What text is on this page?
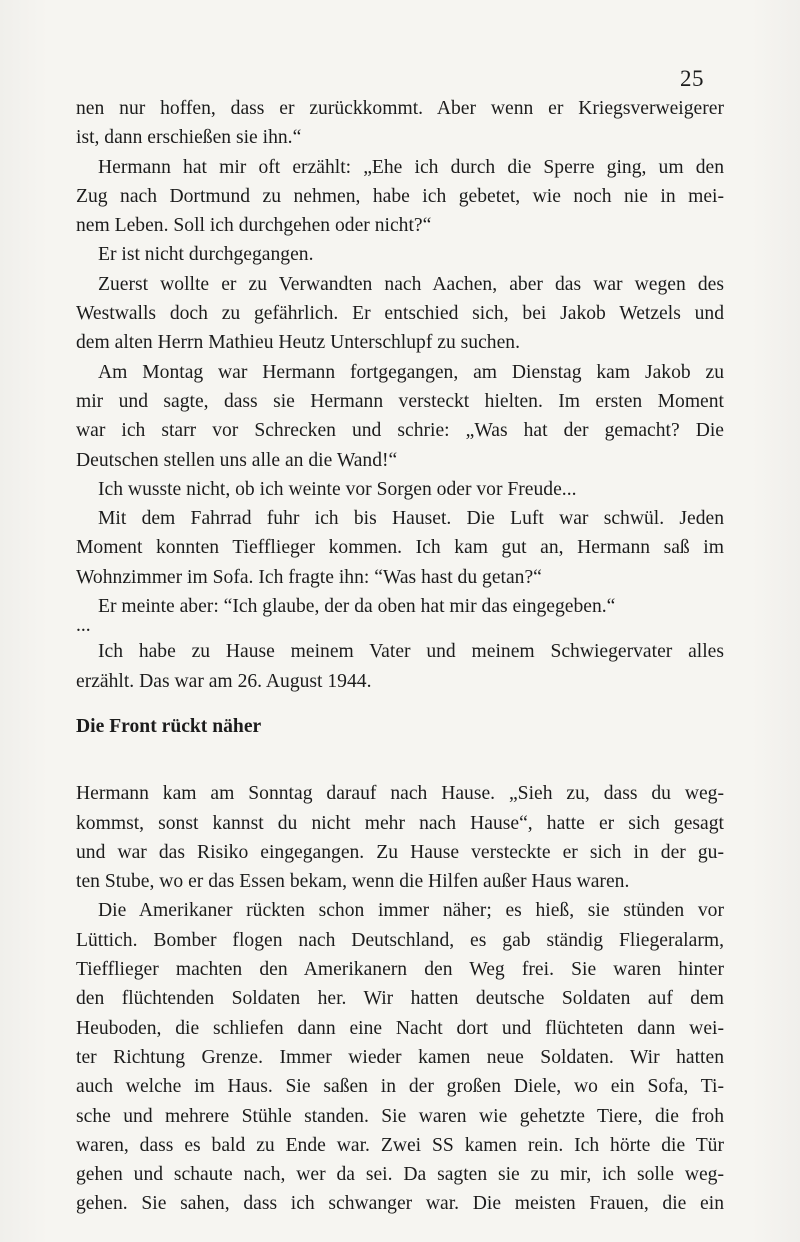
25
nen nur hoffen, dass er zurückkommt. Aber wenn er Kriegsverweigerer
ist, dann erschießen sie ihn.“
Hermann hat mir oft erzählt: „Ehe ich durch die Sperre ging, um den
Zug nach Dortmund zu nehmen, habe ich gebetet, wie noch nie in mei-
nem Leben. Soll ich durchgehen oder nicht?“
Er ist nicht durchgegangen.
Zuerst wollte er zu Verwandten nach Aachen, aber das war wegen des
Westwalls doch zu gefährlich. Er entschied sich, bei Jakob Wetzels und
dem alten Herrn Mathieu Heutz Unterschlupf zu suchen.
Am Montag war Hermann fortgegangen, am Dienstag kam Jakob zu
mir und sagte, dass sie Hermann versteckt hielten. Im ersten Moment
war ich starr vor Schrecken und schrie: „Was hat der gemacht? Die
Deutschen stellen uns alle an die Wand!“
Ich wusste nicht, ob ich weinte vor Sorgen oder vor Freude...
Mit dem Fahrrad fuhr ich bis Hauset. Die Luft war schwül. Jeden
Moment konnten Tiefflieger kommen. Ich kam gut an, Hermann saß im
Wohnzimmer im Sofa. Ich fragte ihn: “Was hast du getan?“
Er meinte aber: “Ich glaube, der da oben hat mir das eingegeben.“
...
Ich habe zu Hause meinem Vater und meinem Schwiegervater alles
erzählt. Das war am 26. August 1944.
Die Front rückt näher
Hermann kam am Sonntag darauf nach Hause. „Sieh zu, dass du weg-
kommst, sonst kannst du nicht mehr nach Hause“, hatte er sich gesagt
und war das Risiko eingegangen. Zu Hause versteckte er sich in der gu-
ten Stube, wo er das Essen bekam, wenn die Hilfen außer Haus waren.
Die Amerikaner rückten schon immer näher; es hieß, sie stünden vor
Lüttich. Bomber flogen nach Deutschland, es gab ständig Fliegeralarm,
Tiefflieger machten den Amerikanern den Weg frei. Sie waren hinter
den flüchtenden Soldaten her. Wir hatten deutsche Soldaten auf dem
Heuboden, die schliefen dann eine Nacht dort und flüchteten dann wei-
ter Richtung Grenze. Immer wieder kamen neue Soldaten. Wir hatten
auch welche im Haus. Sie saßen in der großen Diele, wo ein Sofa, Ti-
sche und mehrere Stühle standen. Sie waren wie gehetzte Tiere, die froh
waren, dass es bald zu Ende war. Zwei SS kamen rein. Ich hörte die Tür
gehen und schaute nach, wer da sei. Da sagten sie zu mir, ich solle weg-
gehen. Sie sahen, dass ich schwanger war. Die meisten Frauen, die ein
